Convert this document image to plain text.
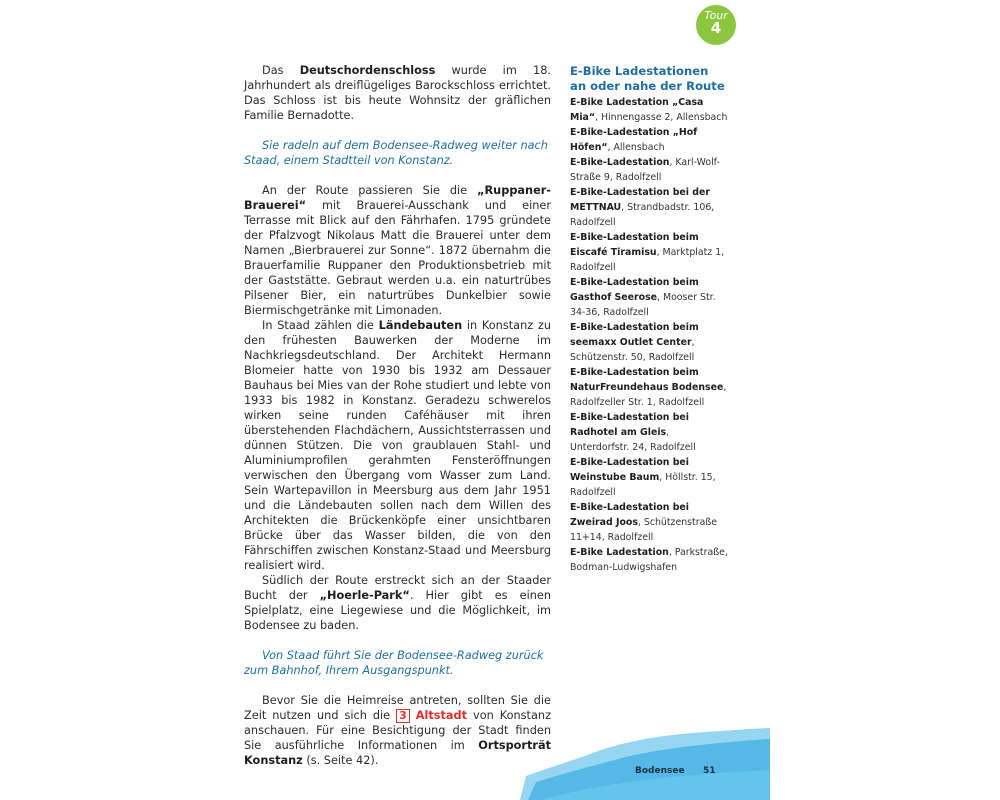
Tour
4

Das Deutschordenschloss wurde im 18. Jahrhundert als dreiflügeliges Barockschloss errichtet. Das Schloss ist bis heute Wohnsitz der gräflichen Familie Bernadotte.

Sie radeln auf dem Bodensee-Radweg weiter nach Staad, einem Stadtteil von Konstanz.

An der Route passieren Sie die „Ruppaner-Brauerei“ mit Brauerei-Ausschank und einer Terrasse mit Blick auf den Fährhafen. 1795 gründete der Pfalzvogt Nikolaus Matt die Brauerei unter dem Namen „Bierbrauerei zur Sonne“. 1872 übernahm die Brauerfamilie Ruppaner den Produktionsbetrieb mit der Gaststätte. Gebraut werden u.a. ein naturtrübes Pilsener Bier, ein naturtrübes Dunkelbier sowie Biermischgetränke mit Limonaden.

In Staad zählen die Ländebauten in Konstanz zu den frühesten Bauwerken der Moderne im Nachkriegsdeutschland. Der Architekt Hermann Blomeier hatte von 1930 bis 1932 am Dessauer Bauhaus bei Mies van der Rohe studiert und lebte von 1933 bis 1982 in Konstanz. Geradezu schwerelos wirken seine runden Caféhäuser mit ihren überstehenden Flachdächern, Aussichtsterrassen und dünnen Stützen. Die von graublauen Stahl- und Aluminiumprofilen gerahmten Fensteröffnungen verwischen den Übergang vom Wasser zum Land. Sein Wartepavillon in Meersburg aus dem Jahr 1951 und die Ländebauten sollen nach dem Willen des Architekten die Brückenköpfe einer unsichtbaren Brücke über das Wasser bilden, die von den Fährschiffen zwischen Konstanz-Staad und Meersburg realisiert wird.

Südlich der Route erstreckt sich an der Staader Bucht der „Hoerle-Park“. Hier gibt es einen Spielplatz, eine Liegewiese und die Möglichkeit, im Bodensee zu baden.

Von Staad führt Sie der Bodensee-Radweg zurück zum Bahnhof, Ihrem Ausgangspunkt.

Bevor Sie die Heimreise antreten, sollten Sie die Zeit nutzen und sich die 3 Altstadt von Konstanz anschauen. Für eine Besichtigung der Stadt finden Sie ausführliche Informationen im Ortsporträt Konstanz (s. Seite 42).

E-Bike Ladestationen
an oder nahe der Route

E-Bike Ladestation „Casa Mia“, Hinnengasse 2, Allensbach

E-Bike-Ladestation „Hof Höfen“, Allensbach

E-Bike-Ladestation, Karl-Wolf-Straße 9, Radolfzell

E-Bike-Ladestation bei der METTNAU, Strandbadstr. 106, Radolfzell

E-Bike-Ladestation beim Eiscafé Tiramisu, Marktplatz 1, Radolfzell

E-Bike-Ladestation beim Gasthof Seerose, Mooser Str. 34-36, Radolfzell

E-Bike-Ladestation beim seemaxx Outlet Center, Schützenstr. 50, Radolfzell

E-Bike-Ladestation beim NaturFreundehaus Bodensee, Radolfzeller Str. 1, Radolfzell

E-Bike-Ladestation bei Radhotel am Gleis, Unterdorfstr. 24, Radolfzell

E-Bike-Ladestation bei Weinstube Baum, Höllstr. 15, Radolfzell

E-Bike-Ladestation bei Zweirad Joos, Schützenstraße 11+14, Radolfzell

E-Bike Ladestation, Parkstraße, Bodman-Ludwigshafen

Bodensee 51
